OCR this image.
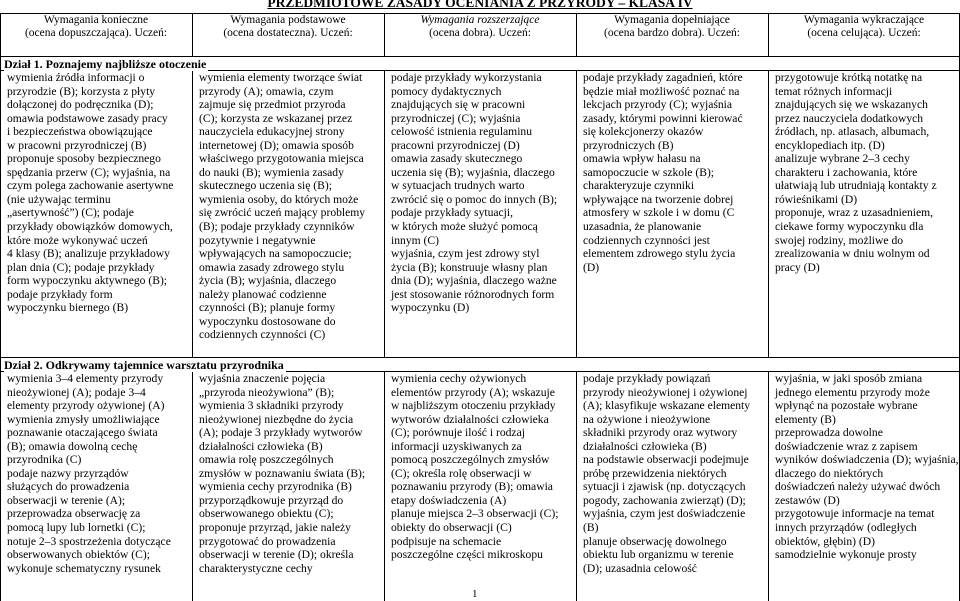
PRZEDMIOTOWE ZASADY OCENIANIA Z PRZYRODY – KLASA IV
Wymagania konieczne
(ocena dopuszczająca). Uczeń:
Wymagania podstawowe
(ocena dostateczna). Uczeń:
Wymagania rozszerzające
(ocena dobra). Uczeń:
Wymagania dopełniające
(ocena bardzo dobra). Uczeń:
Wymagania wykraczające
(ocena celująca). Uczeń:
Dział 1. Poznajemy najbliższe otoczenie
wymienia źródła informacji o
przyrodzie (B); korzysta z płyty
dołączonej do podręcznika (D);
omawia podstawowe zasady pracy
i bezpieczeństwa obowiązujące
w pracowni przyrodniczej (B)
proponuje sposoby bezpiecznego
spędzania przerw (C); wyjaśnia, na
czym polega zachowanie asertywne
(nie używając terminu
„asertywność”) (C); podaje
przykłady obowiązków domowych,
które może wykonywać uczeń
4 klasy (B); analizuje przykładowy
plan dnia (C); podaje przykłady
form wypoczynku aktywnego (B);
podaje przykłady form
wypoczynku biernego (B)
wymienia elementy tworzące świat
przyrody (A); omawia, czym
zajmuje się przedmiot przyroda
(C); korzysta ze wskazanej przez
nauczyciela edukacyjnej strony
internetowej (D); omawia sposób
właściwego przygotowania miejsca
do nauki (B); wymienia zasady
skutecznego uczenia się (B);
wymienia osoby, do których może
się zwrócić uczeń mający problemy
(B); podaje przykłady czynników
pozytywnie i negatywnie
wpływających na samopoczucie;
omawia zasady zdrowego stylu
życia (B); wyjaśnia, dlaczego
należy planować codzienne
czynności (B); planuje formy
wypoczynku dostosowane do
codziennych czynności (C)
podaje przykłady wykorzystania
pomocy dydaktycznych
znajdujących się w pracowni
przyrodniczej (C); wyjaśnia
celowość istnienia regulaminu
pracowni przyrodniczej (D)
omawia zasady skutecznego
uczenia się (B); wyjaśnia, dlaczego
w sytuacjach trudnych warto
zwrócić się o pomoc do innych (B);
podaje przykłady sytuacji,
w których może służyć pomocą
innym (C)
wyjaśnia, czym jest zdrowy styl
życia (B); konstruuje własny plan
dnia (D); wyjaśnia, dlaczego ważne
jest stosowanie różnorodnych form
wypoczynku (D)
podaje przykłady zagadnień, które
będzie miał możliwość poznać na
lekcjach przyrody (C); wyjaśnia
zasady, którymi powinni kierować
się kolekcjonerzy okazów
przyrodniczych (B)
omawia wpływ hałasu na
samopoczucie w szkole (B);
charakteryzuje czynniki
wpływające na tworzenie dobrej
atmosfery w szkole i w domu (C
uzasadnia, że planowanie
codziennych czynności jest
elementem zdrowego stylu życia
(D)
przygotowuje krótką notatkę na
temat różnych informacji
znajdujących się we wskazanych
przez nauczyciela dodatkowych
źródłach, np. atlasach, albumach,
encyklopediach itp. (D)
analizuje wybrane 2–3 cechy
charakteru i zachowania, które
ułatwiają lub utrudniają kontakty z
rówieśnikami (D)
proponuje, wraz z uzasadnieniem,
ciekawe formy wypoczynku dla
swojej rodziny, możliwe do
zrealizowania w dniu wolnym od
pracy (D)
Dział 2. Odkrywamy tajemnice warsztatu przyrodnika
wymienia 3–4 elementy przyrody
nieożywionej (A); podaje 3–4
elementy przyrody ożywionej (A)
wymienia zmysły umożliwiające
poznawanie otaczającego świata
(B); omawia dowolną cechę
przyrodnika (C)
podaje nazwy przyrządów
służących do prowadzenia
obserwacji w terenie (A);
przeprowadza obserwację za
pomocą lupy lub lornetki (C);
notuje 2–3 spostrzeżenia dotyczące
obserwowanych obiektów (C);
wykonuje schematyczny rysunek
wyjaśnia znaczenie pojęcia
„przyroda nieożywiona” (B);
wymienia 3 składniki przyrody
nieożywionej niezbędne do życia
(A); podaje 3 przykłady wytworów
działalności człowieka (B)
omawia rolę poszczególnych
zmysłów w poznawaniu świata (B);
wymienia cechy przyrodnika (B)
przyporządkowuje przyrząd do
obserwowanego obiektu (C);
proponuje przyrząd, jakie należy
przygotować do prowadzenia
obserwacji w terenie (D); określa
charakterystyczne cechy
wymienia cechy ożywionych
elementów przyrody (A); wskazuje
w najbliższym otoczeniu przykłady
wytworów działalności człowieka
(C); porównuje ilość i rodzaj
informacji uzyskiwanych za
pomocą poszczególnych zmysłów
(C); określa rolę obserwacji w
poznawaniu przyrody (B); omawia
etapy doświadczenia (A)
planuje miejsca 2–3 obserwacji (C);
obiekty do obserwacji (C)
podpisuje na schemacie
poszczególne części mikroskopu
podaje przykłady powiązań
przyrody nieożywionej i ożywionej
(A); klasyfikuje wskazane elementy
na ożywione i nieożywione
składniki przyrody oraz wytwory
działalności człowieka (B)
na podstawie obserwacji podejmuje
próbę przewidzenia niektórych
sytuacji i zjawisk (np. dotyczących
pogody, zachowania zwierząt) (D);
wyjaśnia, czym jest doświadczenie
(B)
planuje obserwację dowolnego
obiektu lub organizmu w terenie
(D); uzasadnia celowość
wyjaśnia, w jaki sposób zmiana
jednego elementu przyrody może
wpłynąć na pozostałe wybrane
elementy (B)
przeprowadza dowolne
doświadczenie wraz z zapisem
wyników doświadczenia (D); wyjaśnia,
dlaczego do niektórych
doświadczeń należy używać dwóch
zestawów (D)
przygotowuje informacje na temat
innych przyrządów (odległych
obiektów, głębin) (D)
samodzielnie wykonuje prosty
1
